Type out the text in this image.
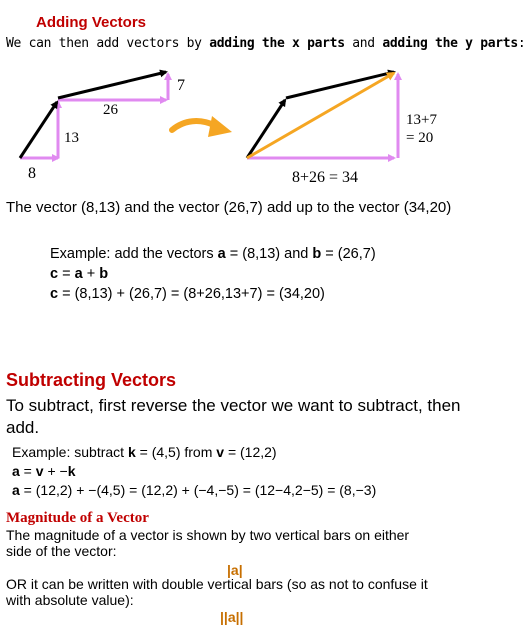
Adding Vectors
We can then add vectors by adding the x parts and adding the y parts:
8
13
26
7
8+26 = 34
13+7
= 20
The vector (8,13) and the vector (26,7) add up to the vector (34,20)
Example: add the vectors a = (8,13) and b = (26,7)
c = a + b
c = (8,13) + (26,7) = (8+26,13+7) = (34,20)
Subtracting Vectors
To subtract, first reverse the vector we want to subtract, then
add.
Example: subtract k = (4,5) from v = (12,2)
a = v + −k
a = (12,2) + −(4,5) = (12,2) + (−4,−5) = (12−4,2−5) = (8,−3)
Magnitude of a Vector
The magnitude of a vector is shown by two vertical bars on either
side of the vector:
|a|
OR it can be written with double vertical bars (so as not to confuse it
with absolute value):
||a||
